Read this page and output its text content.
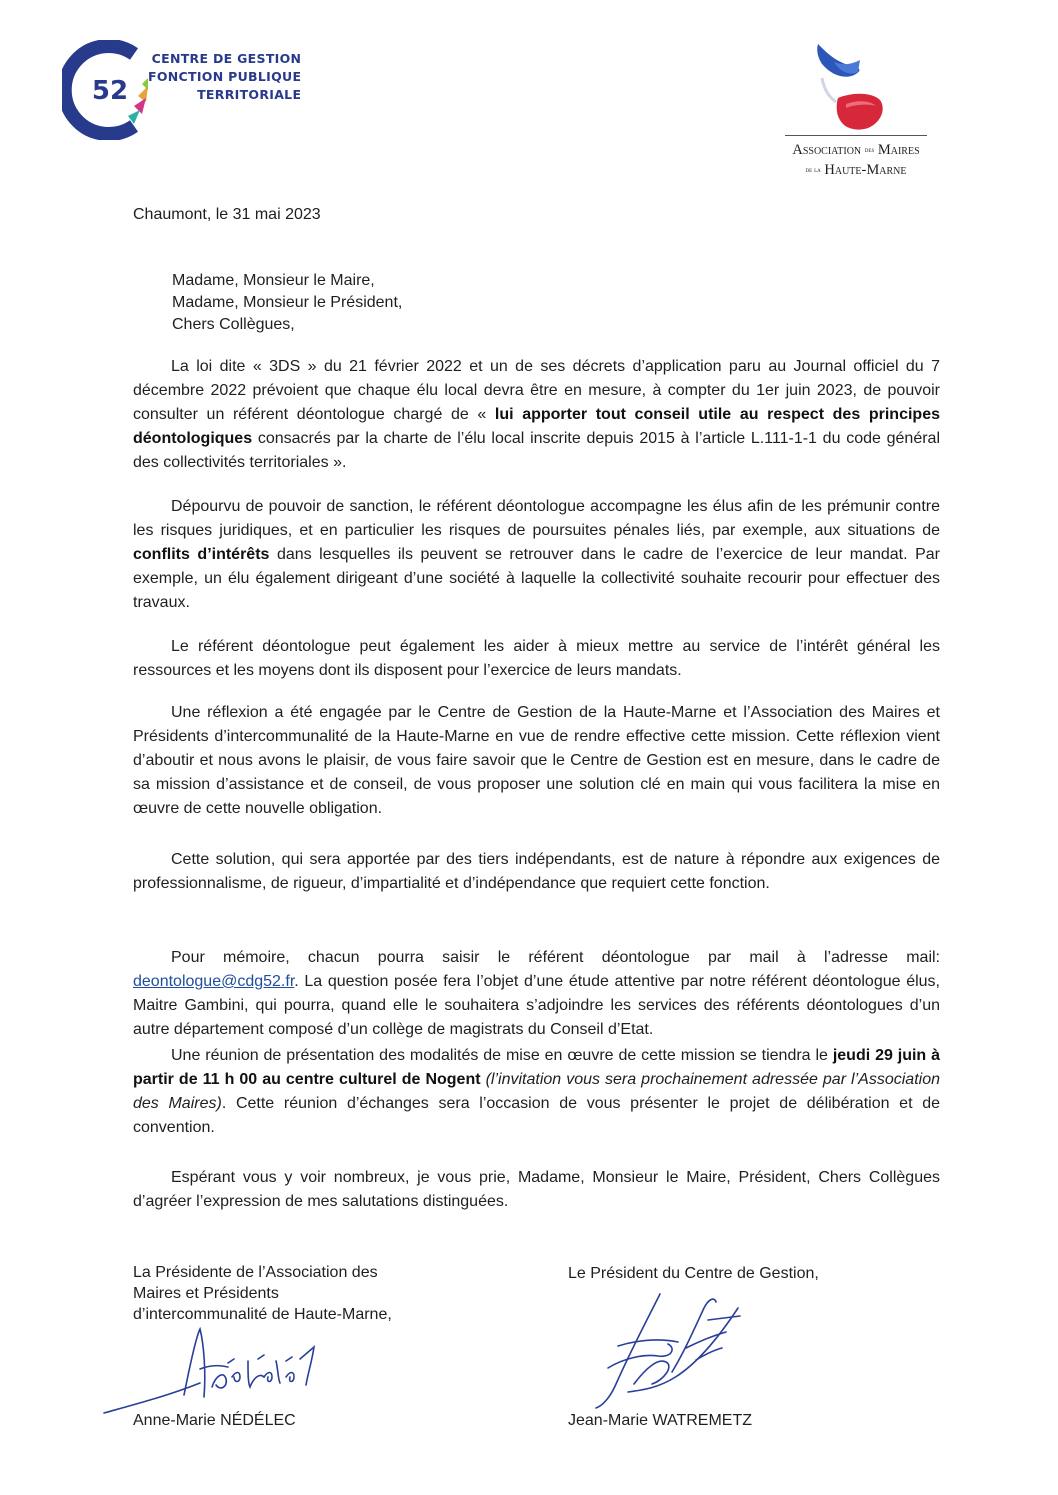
52
CENTRE DE GESTION
FONCTION PUBLIQUE
TERRITORIALE
Association des Maires
de la Haute-Marne
Chaumont, le 31 mai 2023
Madame, Monsieur le Maire,
Madame, Monsieur le Président,
Chers Collègues,
La loi dite « 3DS » du 21 février 2022 et un de ses décrets d’application paru au Journal officiel du 7 décembre 2022 prévoient que chaque élu local devra être en mesure, à compter du 1er juin 2023, de pouvoir consulter un référent déontologue chargé de « lui apporter tout conseil utile au respect des principes déontologiques consacrés par la charte de l’élu local inscrite depuis 2015 à l’article L.111-1-1 du code général des collectivités territoriales ».
Dépourvu de pouvoir de sanction, le référent déontologue accompagne les élus afin de les prémunir contre les risques juridiques, et en particulier les risques de poursuites pénales liés, par exemple, aux situations de conflits d’intérêts dans lesquelles ils peuvent se retrouver dans le cadre de l’exercice de leur mandat. Par exemple, un élu également dirigeant d’une société à laquelle la collectivité souhaite recourir pour effectuer des travaux.
Le référent déontologue peut également les aider à mieux mettre au service de l’intérêt général les ressources et les moyens dont ils disposent pour l’exercice de leurs mandats.
Une réflexion a été engagée par le Centre de Gestion de la Haute-Marne et l’Association des Maires et Présidents d’intercommunalité de la Haute-Marne en vue de rendre effective cette mission. Cette réflexion vient d’aboutir et nous avons le plaisir, de vous faire savoir que le Centre de Gestion est en mesure, dans le cadre de sa mission d’assistance et de conseil, de vous proposer une solution clé en main qui vous facilitera la mise en œuvre de cette nouvelle obligation.
Cette solution, qui sera apportée par des tiers indépendants, est de nature à répondre aux exigences de professionnalisme, de rigueur, d’impartialité et d’indépendance que requiert cette fonction.
Pour mémoire, chacun pourra saisir le référent déontologue par mail à l’adresse mail: deontologue@cdg52.fr. La question posée fera l’objet d’une étude attentive par notre référent déontologue élus, Maitre Gambini, qui pourra, quand elle le souhaitera s’adjoindre les services des référents déontologues d’un autre département composé d’un collège de magistrats du Conseil d’Etat.
Une réunion de présentation des modalités de mise en œuvre de cette mission se tiendra le jeudi 29 juin à partir de 11 h 00 au centre culturel de Nogent (l’invitation vous sera prochainement adressée par l’Association des Maires). Cette réunion d’échanges sera l’occasion de vous présenter le projet de délibération et de convention.
Espérant vous y voir nombreux, je vous prie, Madame, Monsieur le Maire, Président, Chers Collègues d’agréer l’expression de mes salutations distinguées.
La Présidente de l’Association des
Maires et Présidents
d’intercommunalité de Haute-Marne,
Anne-Marie NÉDÉLEC
Le Président du Centre de Gestion,
Jean-Marie WATREMETZ
